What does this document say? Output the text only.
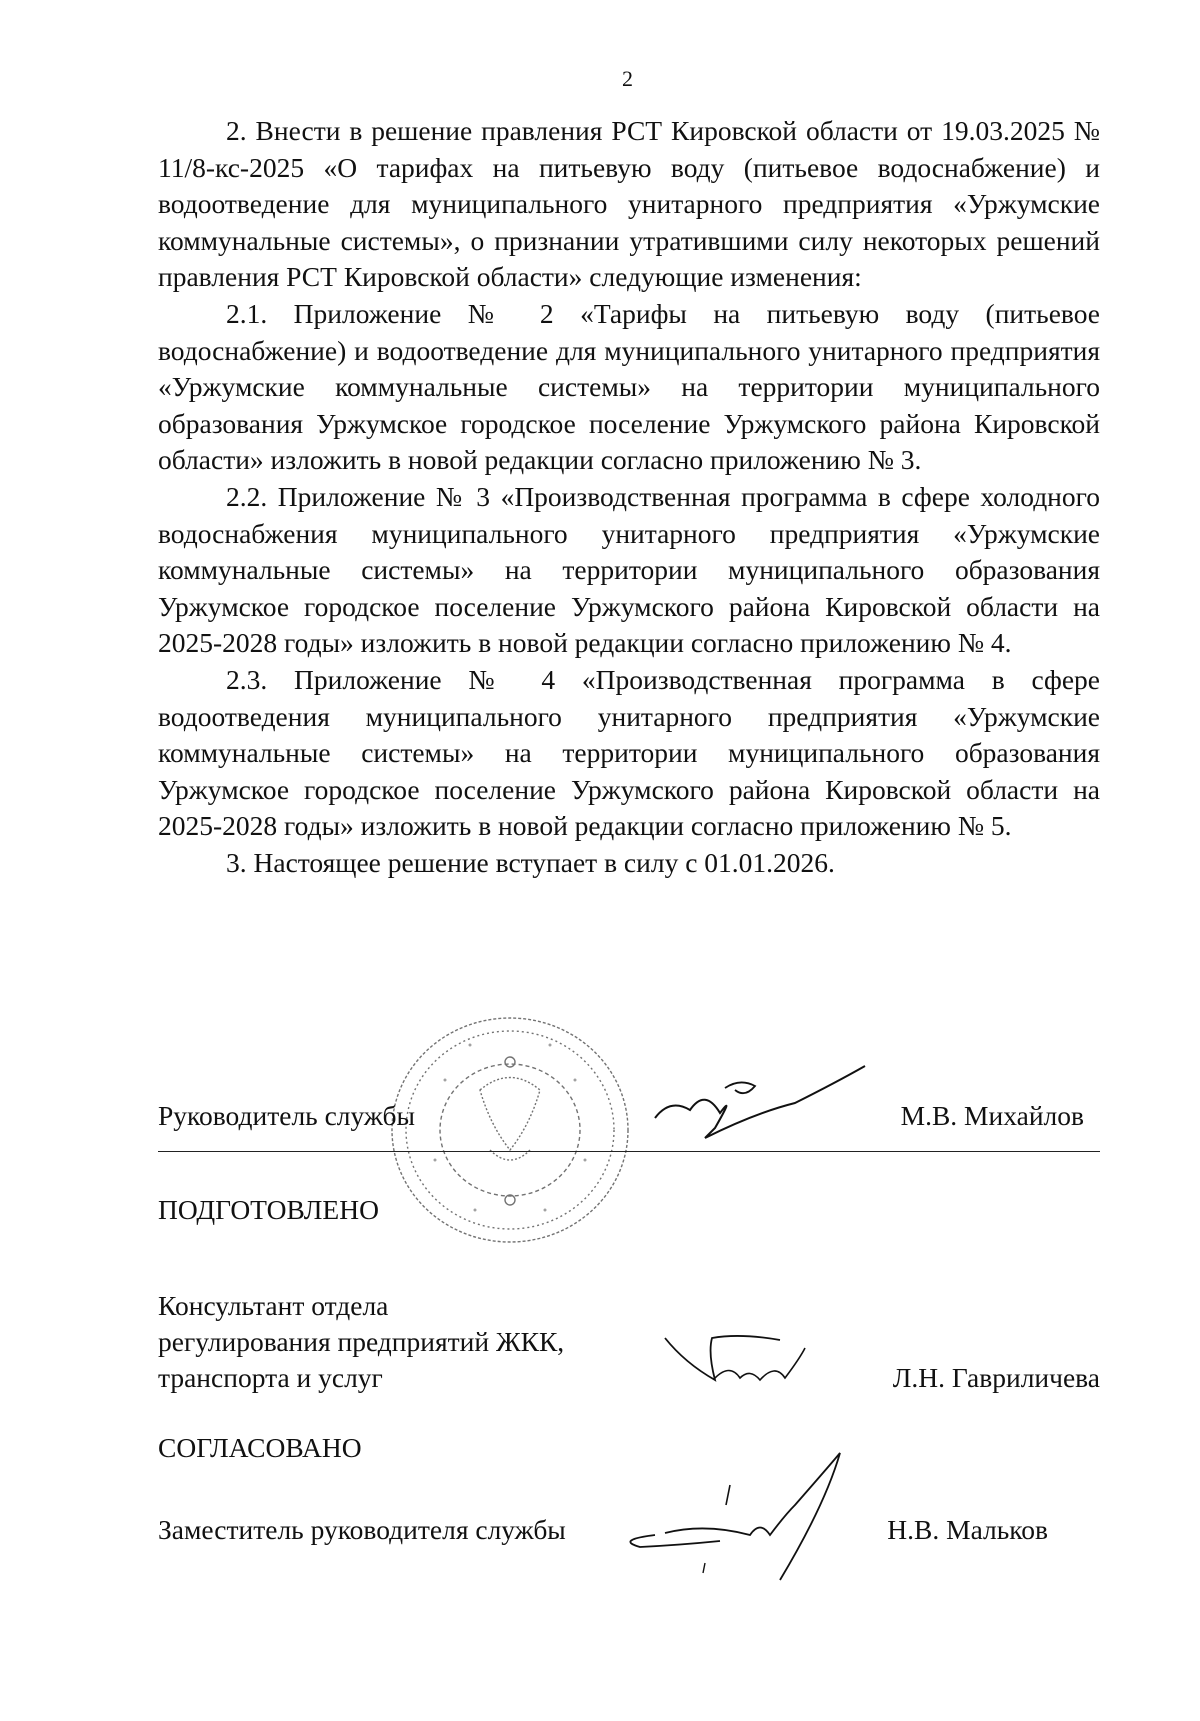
2

2. Внести в решение правления РСТ Кировской области от 19.03.2025 № 11/8-кс-2025 «О тарифах на питьевую воду (питьевое водоснабжение) и водоотведение для муниципального унитарного предприятия «Уржумские коммунальные системы», о признании утратившими силу некоторых решений правления РСТ Кировской области» следующие изменения:

2.1. Приложение № 2 «Тарифы на питьевую воду (питьевое водоснабжение) и водоотведение для муниципального унитарного предприятия «Уржумские коммунальные системы» на территории муниципального образования Уржумское городское поселение Уржумского района Кировской области» изложить в новой редакции согласно приложению № 3.

2.2. Приложение № 3 «Производственная программа в сфере холодного водоснабжения муниципального унитарного предприятия «Уржумские коммунальные системы» на территории муниципального образования Уржумское городское поселение Уржумского района Кировской области на 2025-2028 годы» изложить в новой редакции согласно приложению № 4.

2.3. Приложение № 4 «Производственная программа в сфере водоотведения муниципального унитарного предприятия «Уржумские коммунальные системы» на территории муниципального образования Уржумское городское поселение Уржумского района Кировской области на 2025-2028 годы» изложить в новой редакции согласно приложению № 5.

3. Настоящее решение вступает в силу с 01.01.2026.

Руководитель службы	М.В. Михайлов
ПОДГОТОВЛЕНО
Консультант отдела
регулирования предприятий ЖКК,
транспорта и услуг	Л.Н. Гавриличева
СОГЛАСОВАНО
Заместитель руководителя службы	Н.В. Мальков
